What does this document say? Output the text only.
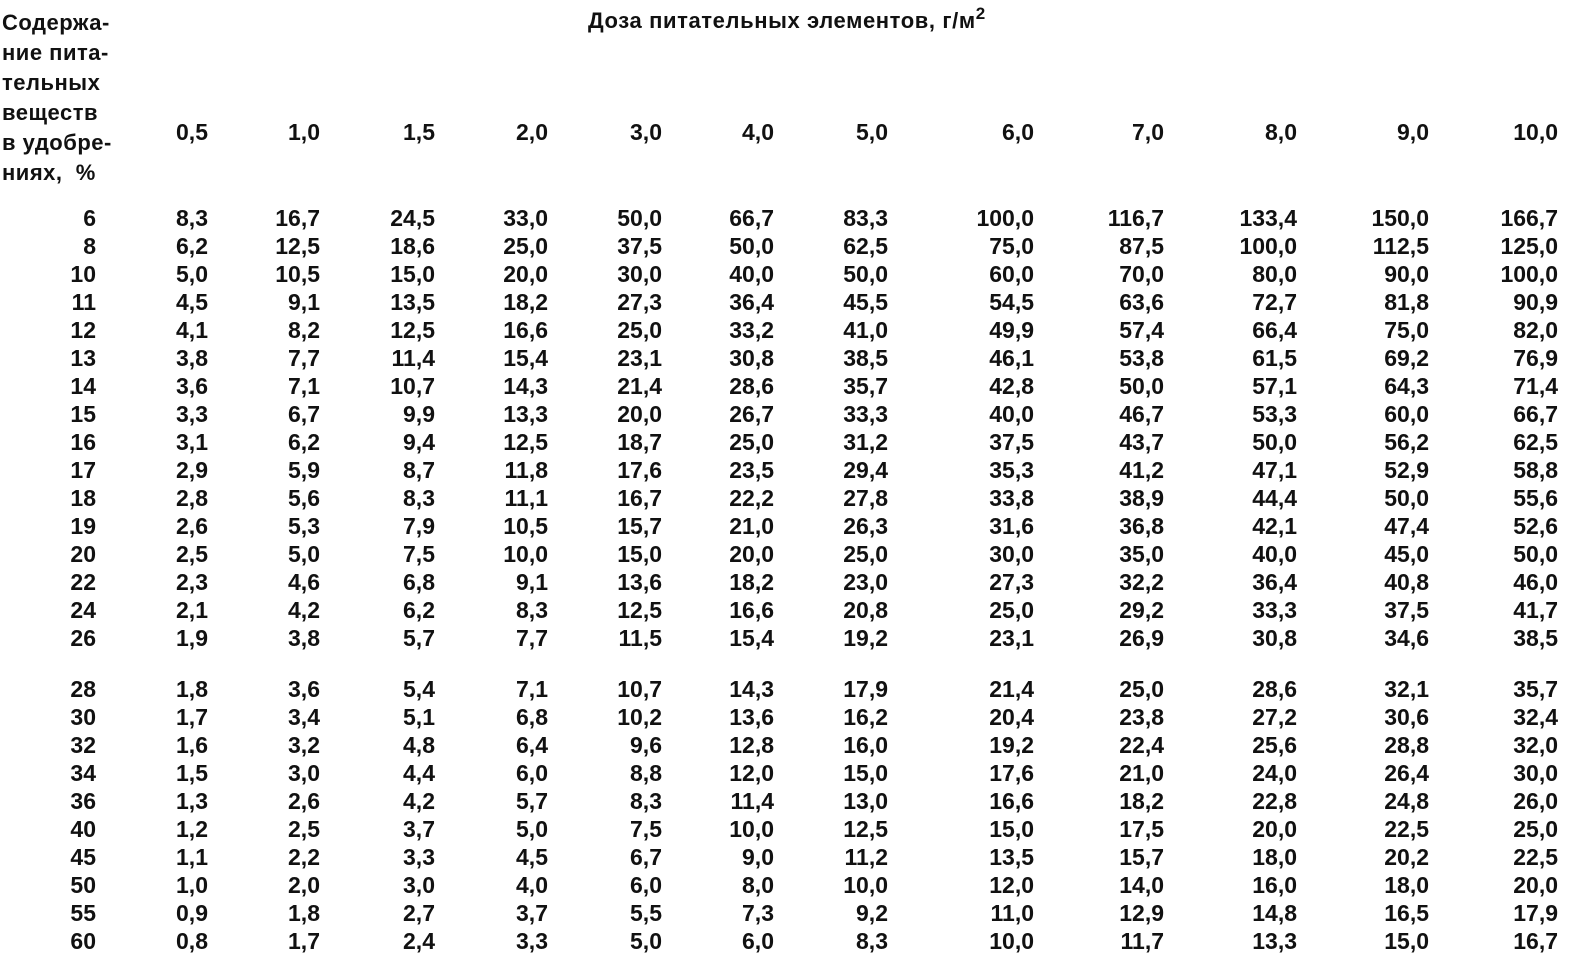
Содержа-
ние пита-
тельных
веществ
в удобре-
ниях,  %
Доза питательных элементов, $г/м^2$
0,5	1,0	1,5	2,0	3,0	4,0	5,0	6,0	7,0	8,0	9,0	10,0
6	8,3	16,7	24,5	33,0	50,0	66,7	83,3	100,0	116,7	133,4	150,0	166,7
8	6,2	12,5	18,6	25,0	37,5	50,0	62,5	75,0	87,5	100,0	112,5	125,0
10	5,0	10,5	15,0	20,0	30,0	40,0	50,0	60,0	70,0	80,0	90,0	100,0
11	4,5	9,1	13,5	18,2	27,3	36,4	45,5	54,5	63,6	72,7	81,8	90,9
12	4,1	8,2	12,5	16,6	25,0	33,2	41,0	49,9	57,4	66,4	75,0	82,0
13	3,8	7,7	11,4	15,4	23,1	30,8	38,5	46,1	53,8	61,5	69,2	76,9
14	3,6	7,1	10,7	14,3	21,4	28,6	35,7	42,8	50,0	57,1	64,3	71,4
15	3,3	6,7	9,9	13,3	20,0	26,7	33,3	40,0	46,7	53,3	60,0	66,7
16	3,1	6,2	9,4	12,5	18,7	25,0	31,2	37,5	43,7	50,0	56,2	62,5
17	2,9	5,9	8,7	11,8	17,6	23,5	29,4	35,3	41,2	47,1	52,9	58,8
18	2,8	5,6	8,3	11,1	16,7	22,2	27,8	33,8	38,9	44,4	50,0	55,6
19	2,6	5,3	7,9	10,5	15,7	21,0	26,3	31,6	36,8	42,1	47,4	52,6
20	2,5	5,0	7,5	10,0	15,0	20,0	25,0	30,0	35,0	40,0	45,0	50,0
22	2,3	4,6	6,8	9,1	13,6	18,2	23,0	27,3	32,2	36,4	40,8	46,0
24	2,1	4,2	6,2	8,3	12,5	16,6	20,8	25,0	29,2	33,3	37,5	41,7
26	1,9	3,8	5,7	7,7	11,5	15,4	19,2	23,1	26,9	30,8	34,6	38,5
28	1,8	3,6	5,4	7,1	10,7	14,3	17,9	21,4	25,0	28,6	32,1	35,7
30	1,7	3,4	5,1	6,8	10,2	13,6	16,2	20,4	23,8	27,2	30,6	32,4
32	1,6	3,2	4,8	6,4	9,6	12,8	16,0	19,2	22,4	25,6	28,8	32,0
34	1,5	3,0	4,4	6,0	8,8	12,0	15,0	17,6	21,0	24,0	26,4	30,0
36	1,3	2,6	4,2	5,7	8,3	11,4	13,0	16,6	18,2	22,8	24,8	26,0
40	1,2	2,5	3,7	5,0	7,5	10,0	12,5	15,0	17,5	20,0	22,5	25,0
45	1,1	2,2	3,3	4,5	6,7	9,0	11,2	13,5	15,7	18,0	20,2	22,5
50	1,0	2,0	3,0	4,0	6,0	8,0	10,0	12,0	14,0	16,0	18,0	20,0
55	0,9	1,8	2,7	3,7	5,5	7,3	9,2	11,0	12,9	14,8	16,5	17,9
60	0,8	1,7	2,4	3,3	5,0	6,0	8,3	10,0	11,7	13,3	15,0	16,7
